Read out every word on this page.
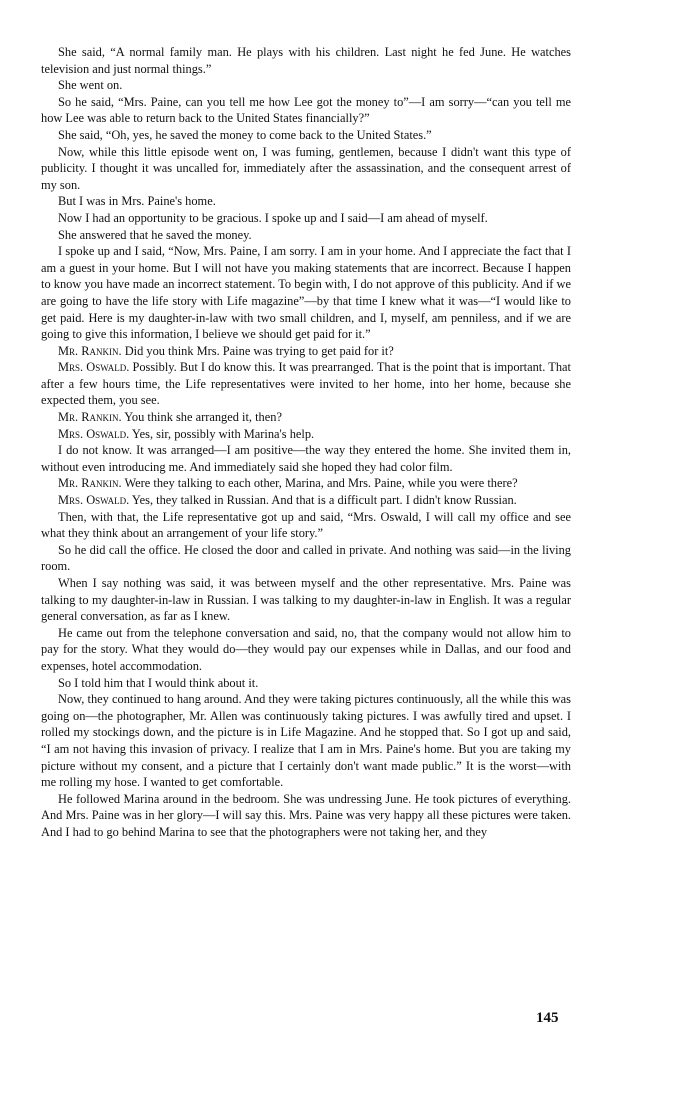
She said, “A normal family man. He plays with his children. Last night he fed June. He watches television and just normal things.”

She went on.

So he said, “Mrs. Paine, can you tell me how Lee got the money to”—I am sorry—“can you tell me how Lee was able to return back to the United States financially?”

She said, “Oh, yes, he saved the money to come back to the United States.”

Now, while this little episode went on, I was fuming, gentlemen, because I didn't want this type of publicity. I thought it was uncalled for, immediately after the assassination, and the consequent arrest of my son.

But I was in Mrs. Paine's home.

Now I had an opportunity to be gracious. I spoke up and I said—I am ahead of myself.

She answered that he saved the money.

I spoke up and I said, “Now, Mrs. Paine, I am sorry. I am in your home. And I appreciate the fact that I am a guest in your home. But I will not have you making statements that are incorrect. Because I happen to know you have made an incorrect statement. To begin with, I do not approve of this publicity. And if we are going to have the life story with Life magazine”—by that time I knew what it was—“I would like to get paid. Here is my daughter-in-law with two small children, and I, myself, am penniless, and if we are going to give this information, I believe we should get paid for it.”

Mr. Rankin. Did you think Mrs. Paine was trying to get paid for it?

Mrs. Oswald. Possibly. But I do know this. It was prearranged. That is the point that is important. That after a few hours time, the Life representatives were invited to her home, into her home, because she expected them, you see.

Mr. Rankin. You think she arranged it, then?

Mrs. Oswald. Yes, sir, possibly with Marina's help.

I do not know. It was arranged—I am positive—the way they entered the home. She invited them in, without even introducing me. And immediately said she hoped they had color film.

Mr. Rankin. Were they talking to each other, Marina, and Mrs. Paine, while you were there?

Mrs. Oswald. Yes, they talked in Russian. And that is a difficult part. I didn't know Russian.

Then, with that, the Life representative got up and said, “Mrs. Oswald, I will call my office and see what they think about an arrangement of your life story.”

So he did call the office. He closed the door and called in private. And nothing was said—in the living room.

When I say nothing was said, it was between myself and the other representative. Mrs. Paine was talking to my daughter-in-law in Russian. I was talking to my daughter-in-law in English. It was a regular general conversation, as far as I knew.

He came out from the telephone conversation and said, no, that the company would not allow him to pay for the story. What they would do—they would pay our expenses while in Dallas, and our food and expenses, hotel accommodation.

So I told him that I would think about it.

Now, they continued to hang around. And they were taking pictures continuously, all the while this was going on—the photographer, Mr. Allen was continuously taking pictures. I was awfully tired and upset. I rolled my stockings down, and the picture is in Life Magazine. And he stopped that. So I got up and said, “I am not having this invasion of privacy. I realize that I am in Mrs. Paine's home. But you are taking my picture without my consent, and a picture that I certainly don't want made public.” It is the worst—with me rolling my hose. I wanted to get comfortable.

He followed Marina around in the bedroom. She was undressing June. He took pictures of everything. And Mrs. Paine was in her glory—I will say this. Mrs. Paine was very happy all these pictures were taken. And I had to go behind Marina to see that the photographers were not taking her, and they

145
